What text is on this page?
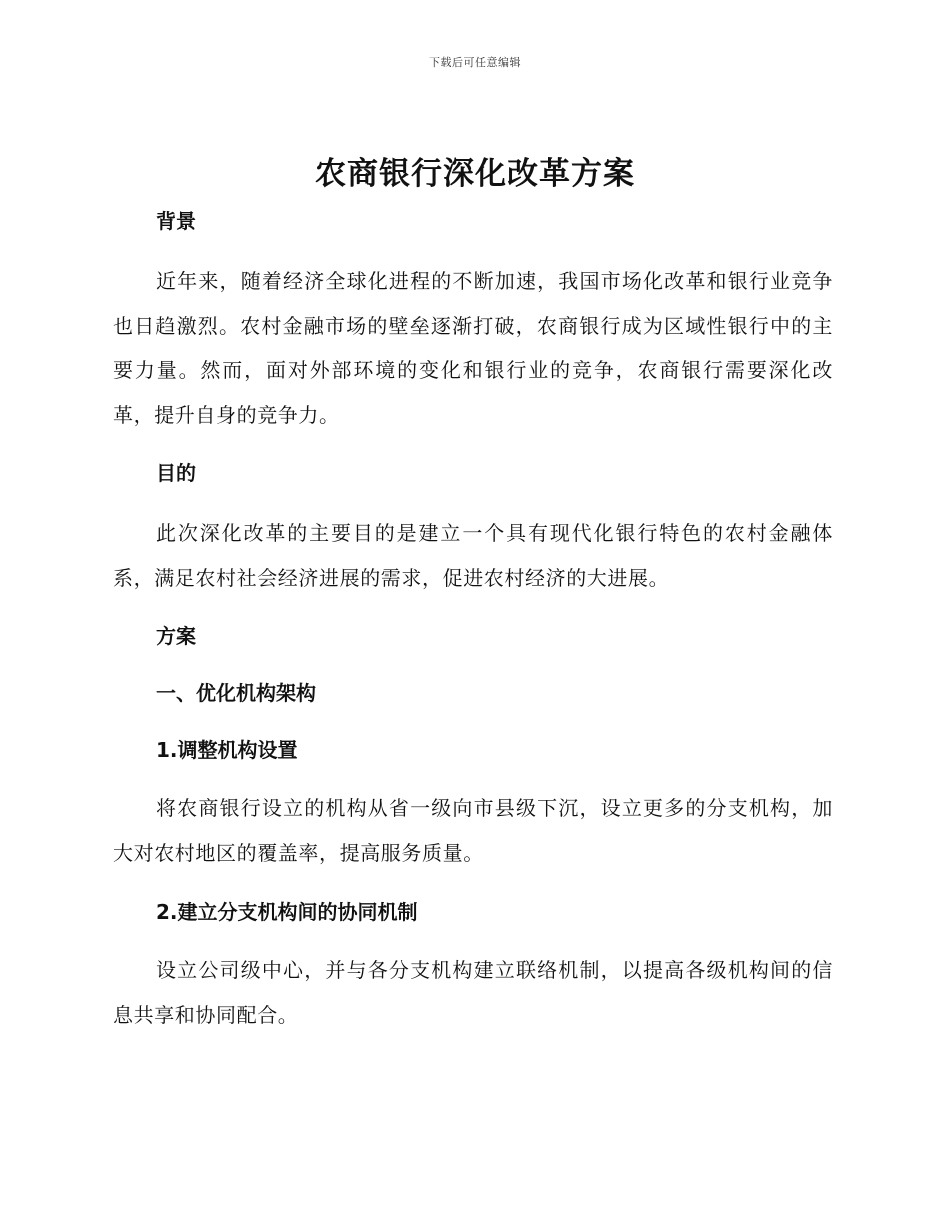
下载后可任意编辑
农商银行深化改革方案
背景
近年来，随着经济全球化进程的不断加速，我国市场化改革和银行业竞争也日趋激烈。农村金融市场的壁垒逐渐打破，农商银行成为区域性银行中的主要力量。然而，面对外部环境的变化和银行业的竞争，农商银行需要深化改革，提升自身的竞争力。
目的
此次深化改革的主要目的是建立一个具有现代化银行特色的农村金融体系，满足农村社会经济进展的需求，促进农村经济的大进展。
方案
一、优化机构架构
1.调整机构设置
将农商银行设立的机构从省一级向市县级下沉，设立更多的分支机构，加大对农村地区的覆盖率，提高服务质量。
2.建立分支机构间的协同机制
设立公司级中心，并与各分支机构建立联络机制，以提高各级机构间的信息共享和协同配合。
